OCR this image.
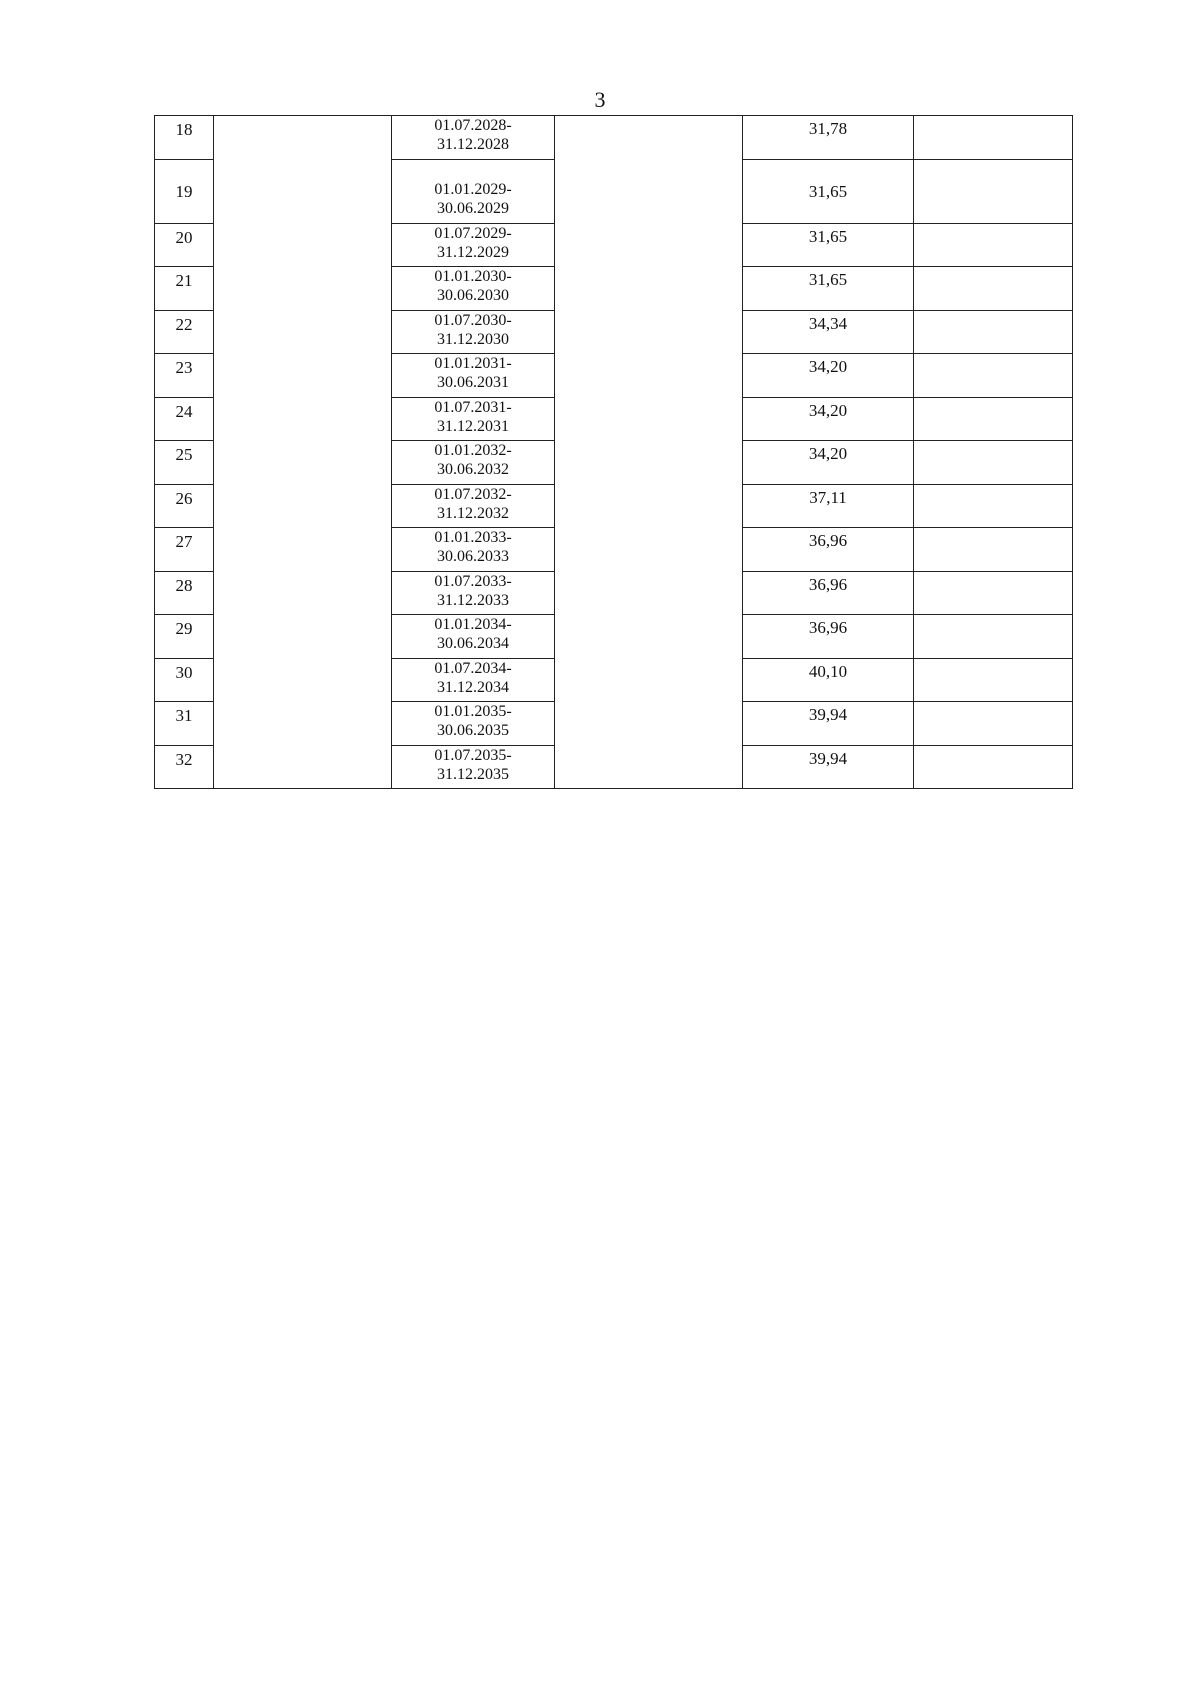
3
18		01.07.2028-
31.12.2028		31,78	
19		01.01.2029-
30.06.2029		31,65	
20		01.07.2029-
31.12.2029		31,65	
21		01.01.2030-
30.06.2030		31,65	
22		01.07.2030-
31.12.2030		34,34	
23		01.01.2031-
30.06.2031		34,20	
24		01.07.2031-
31.12.2031		34,20	
25		01.01.2032-
30.06.2032		34,20	
26		01.07.2032-
31.12.2032		37,11	
27		01.01.2033-
30.06.2033		36,96	
28		01.07.2033-
31.12.2033		36,96	
29		01.01.2034-
30.06.2034		36,96	
30		01.07.2034-
31.12.2034		40,10	
31		01.01.2035-
30.06.2035		39,94	
32		01.07.2035-
31.12.2035		39,94	
